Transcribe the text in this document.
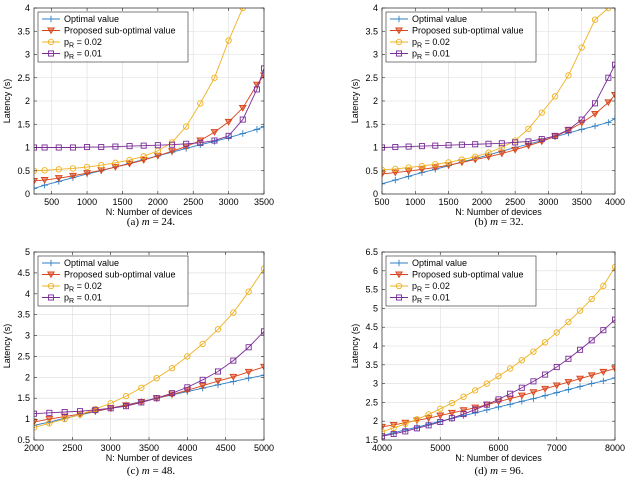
500 1000 1500 2000 2500 3000 3500
0
0.5
1
1.5
2
2.5
3
3.5
4
N: Number of devices
Latency (s)
Optimal value
Proposed sub-optimal value
$p_R = 0.02$
$p_R = 0.01$
(a) m = 24.
500 1000 1500 2000 2500 3000 3500 4000
0
0.5
1
1.5
2
2.5
3
3.5
4
N: Number of devices
Latency (s)
Optimal value
Proposed sub-optimal value
$p_R = 0.02$
$p_R = 0.01$
(b) m = 32.
2000 2500 3000 3500 4000 4500 5000
0.5
1
1.5
2
2.5
3
3.5
4
4.5
5
N: Number of devices
Latency (s)
Optimal value
Proposed sub-optimal value
$p_R = 0.02$
$p_R = 0.01$
(c) m = 48.
4000	5000	6000	7000	8000
1.5
2
2.5
3
3.5
4
4.5
5
5.5
6
6.5
N: Number of devices
Latency (s)
Optimal value
Proposed sub-optimal value
$p_R = 0.02$
$p_R = 0.01$
(d) m = 96.
